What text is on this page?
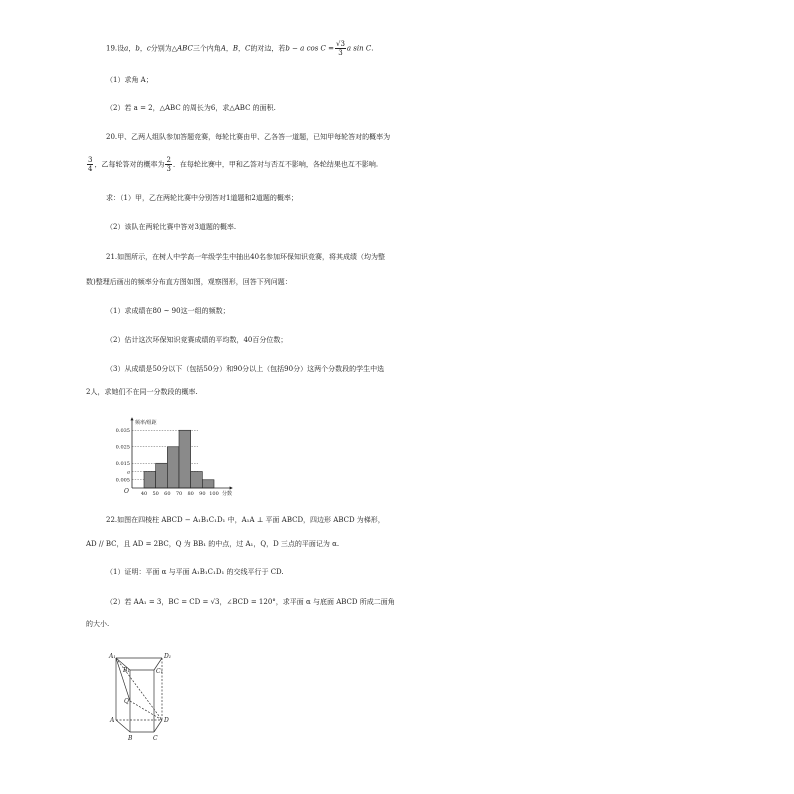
19.设a，b，c分别为△ABC三个内角A，B，C的对边，若b − a $\cos C = \frac{√3}{3}$ a sin C.
（1）求角 A；
（2）若 a = 2，△ABC 的周长为6，求△ABC 的面积.
20.甲、乙两人组队参加答题竞赛，每轮比赛由甲、乙各答一道题，已知甲每轮答对的概率为
$\frac{3}{4}$ ，乙每轮答对的概率为 $\frac{2}{3}$ ．在每轮比赛中，甲和乙答对与否互不影响，各轮结果也互不影响.
求：（1）甲，乙在两轮比赛中分别答对1道题和2道题的概率；
（2）该队在两轮比赛中答对3道题的概率.
21.如图所示，在树人中学高一年级学生中抽出40名参加环保知识竞赛，将其成绩（均为整
数)整理后画出的频率分布直方图如图，观察图形，回答下列问题：
（1）求成绩在80 ~ 90这一组的频数；
（2）估计这次环保知识竞赛成绩的平均数，40百分位数；
（3）从成绩是50分以下（包括50分）和90分以上（包括90分）这两个分数段的学生中选
2人，求她们不在同一分数段的概率.
频率/组距
分数
O
0.035
0.025
0.015
a
0.005
40 50 60 70 80 90 100
22.如图在四棱柱 ABCD − A₁B₁C₁D₁ 中，A₁A ⊥ 平面 ABCD，四边形 ABCD 为梯形，
AD // BC，且 AD = 2BC，Q 为 BB₁ 的中点，过 A₁，Q，D 三点的平面记为 α.
（1）证明：平面 α 与平面 A₁B₁C₁D₁ 的交线平行于 CD.
（2）若 AA₁ = 3，BC = CD = √3，∠BCD = 120°，求平面 α 与底面 ABCD 所成二面角
的大小.
A₁	D₁
B₁	C₁
Q
A	D
B	C
